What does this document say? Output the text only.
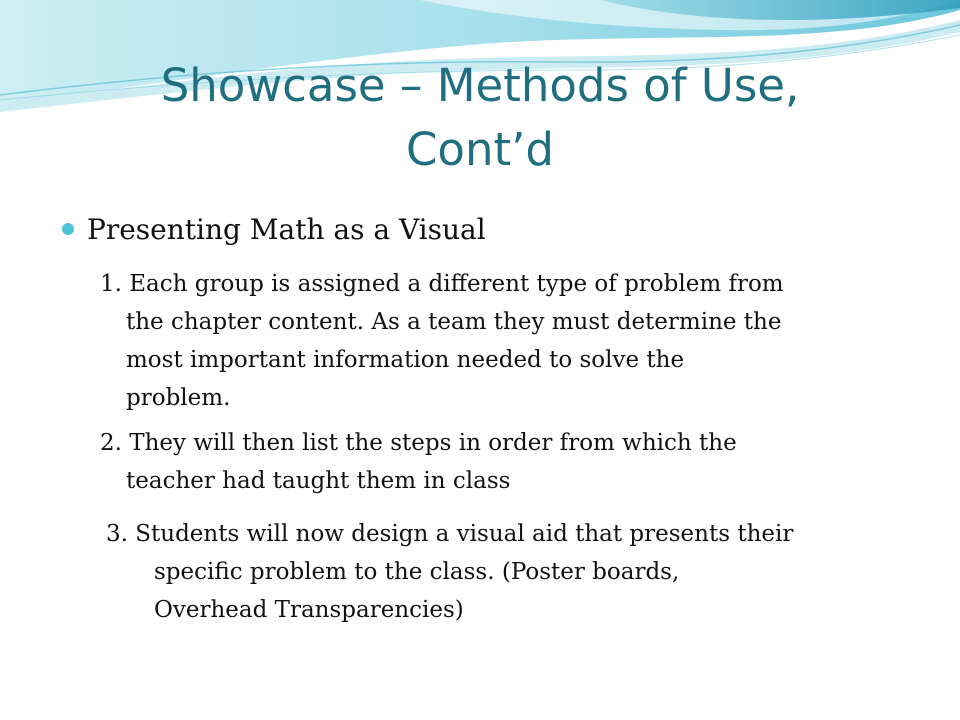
Showcase – Methods of Use,
Cont’d
Presenting Math as a Visual
1. Each group is assigned a different type of problem from
the chapter content. As a team they must determine the
most important information needed to solve the
problem.
2. They will then list the steps in order from which the
teacher had taught them in class
3. Students will now design a visual aid that presents their
specific problem to the class. (Poster boards,
Overhead Transparencies)
